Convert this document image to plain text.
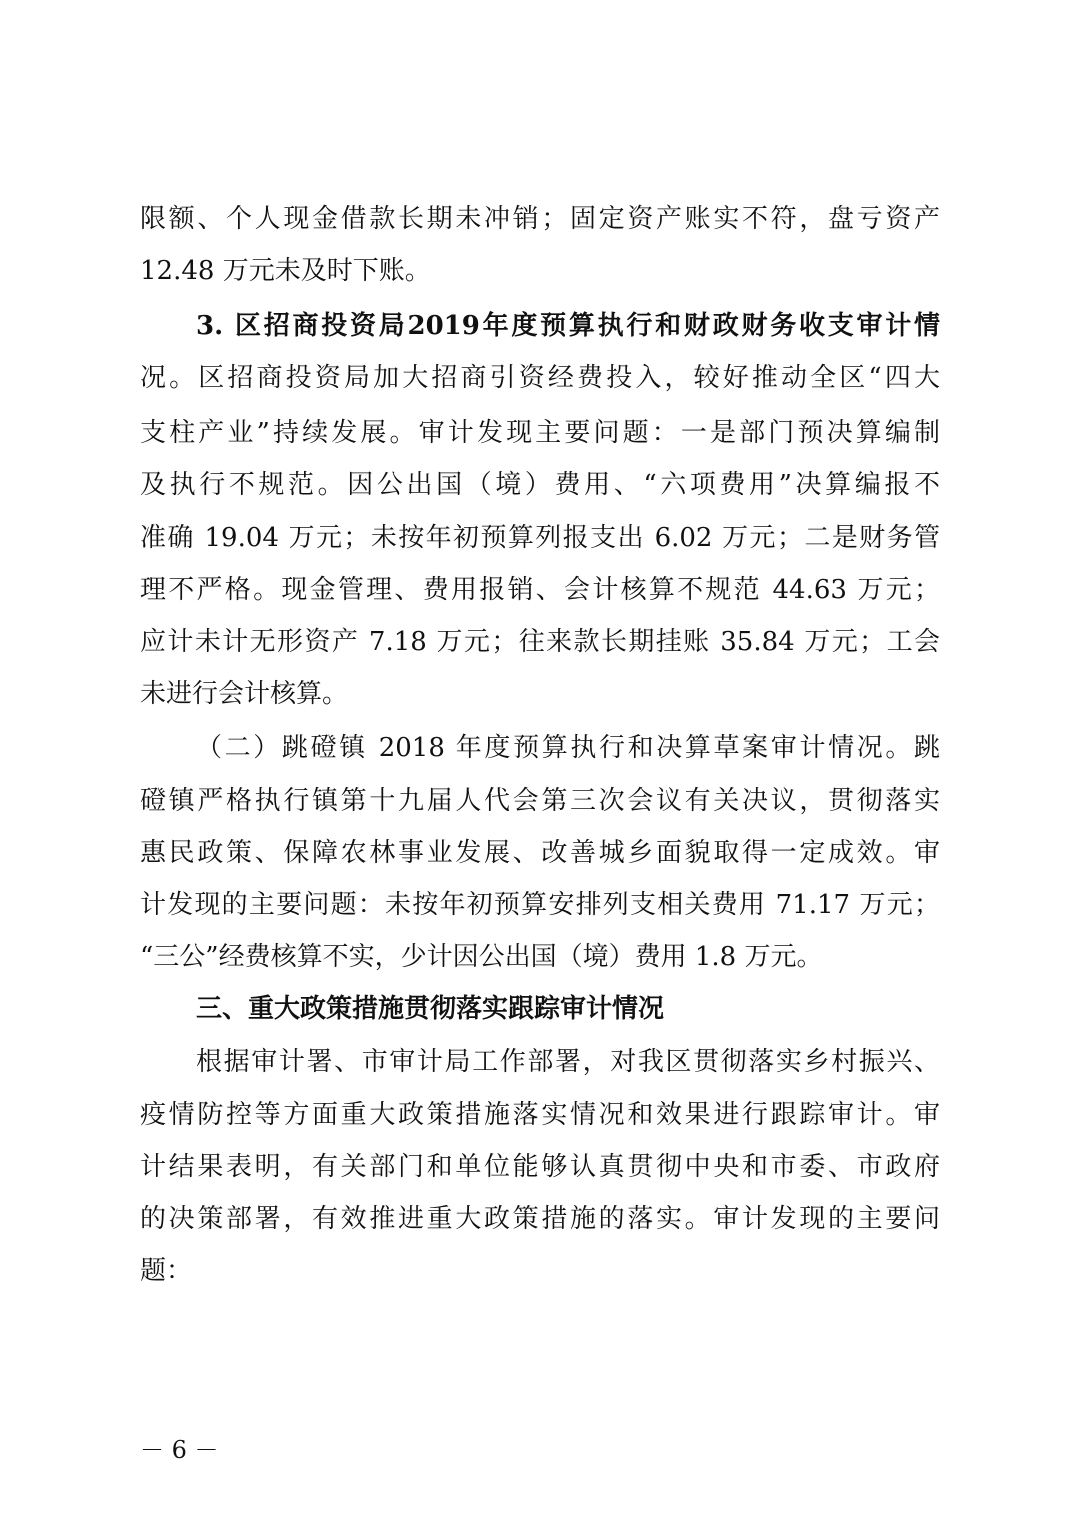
限额、个人现金借款长期未冲销；固定资产账实不符，盘亏资产
12.48 万元未及时下账。
3. 区招商投资局2019年度预算执行和财政财务收支审计情
况。区招商投资局加大招商引资经费投入，较好推动全区“四大
支柱产业”持续发展。审计发现主要问题：一是部门预决算编制
及执行不规范。因公出国（境）费用、“六项费用”决算编报不
准确 19.04 万元；未按年初预算列报支出 6.02 万元；二是财务管
理不严格。现金管理、费用报销、会计核算不规范 44.63 万元；
应计未计无形资产 7.18 万元；往来款长期挂账 35.84 万元；工会
未进行会计核算。
（二）跳磴镇 2018 年度预算执行和决算草案审计情况。跳
磴镇严格执行镇第十九届人代会第三次会议有关决议，贯彻落实
惠民政策、保障农林事业发展、改善城乡面貌取得一定成效。审
计发现的主要问题：未按年初预算安排列支相关费用 71.17 万元；
“三公”经费核算不实，少计因公出国（境）费用 1.8 万元。
三、重大政策措施贯彻落实跟踪审计情况
根据审计署、市审计局工作部署，对我区贯彻落实乡村振兴、
疫情防控等方面重大政策措施落实情况和效果进行跟踪审计。审
计结果表明，有关部门和单位能够认真贯彻中央和市委、市政府
的决策部署，有效推进重大政策措施的落实。审计发现的主要问
题：
－ 6 －
